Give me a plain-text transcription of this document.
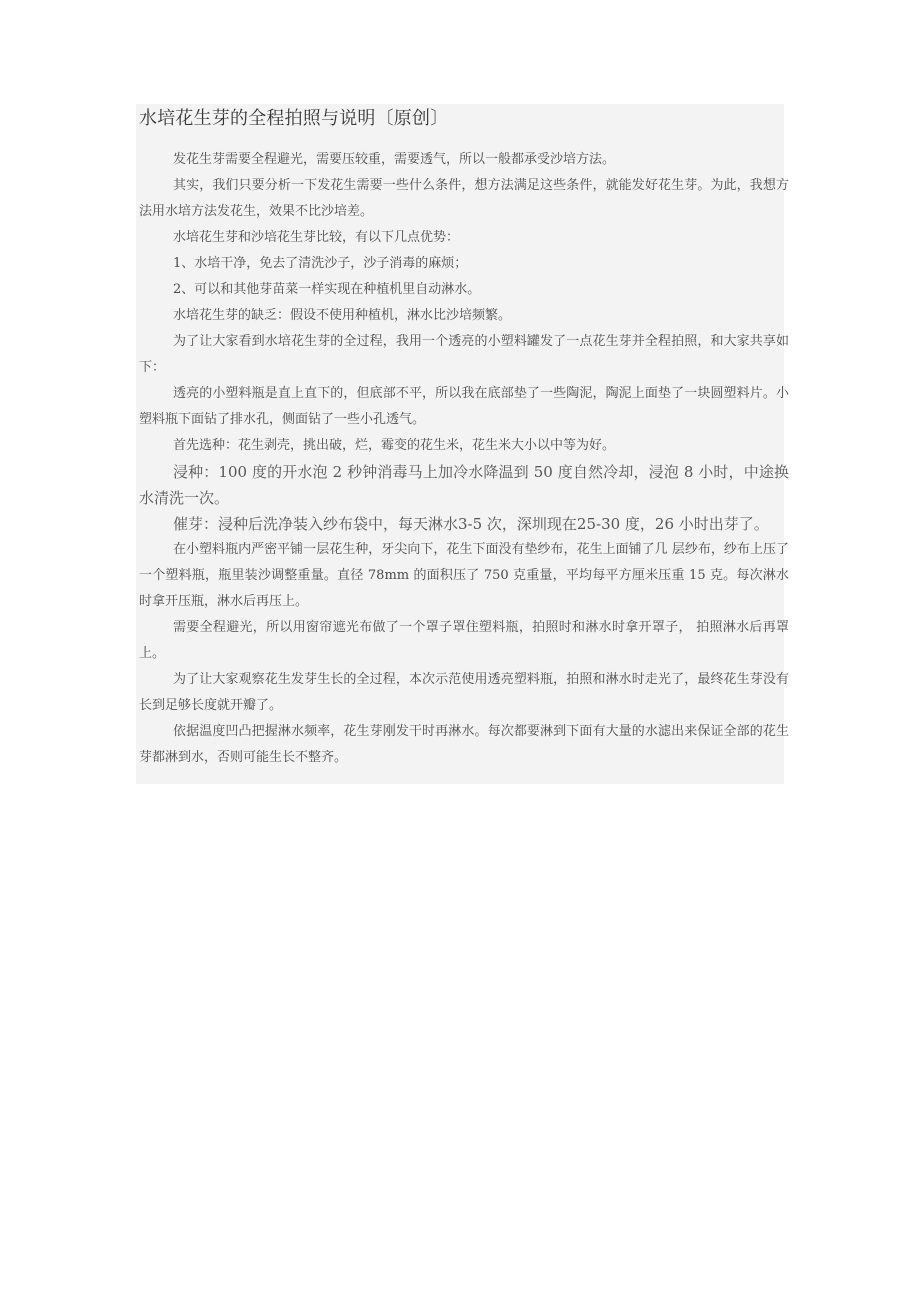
水培花生芽的全程拍照与说明〔原创〕

发花生芽需要全程避光，需要压较重，需要透气，所以一般都承受沙培方法。

其实，我们只要分析一下发花生需要一些什么条件，想方法满足这些条件，就能发好花生芽。为此，我想方法用水培方法发花生，效果不比沙培差。

水培花生芽和沙培花生芽比较，有以下几点优势：

1、水培干净，免去了清洗沙子，沙子消毒的麻烦；

2、可以和其他芽苗菜一样实现在种植机里自动淋水。

水培花生芽的缺乏：假设不使用种植机，淋水比沙培频繁。

为了让大家看到水培花生芽的全过程，我用一个透亮的小塑料罐发了一点花生芽并全程拍照，和大家共享如下：

透亮的小塑料瓶是直上直下的，但底部不平，所以我在底部垫了一些陶泥，陶泥上面垫了一块圆塑料片。小塑料瓶下面钻了排水孔，侧面钻了一些小孔透气。

首先选种：花生剥壳，挑出破，烂，霉变的花生米，花生米大小以中等为好。

浸种：100 度的开水泡 2 秒钟消毒马上加冷水降温到 50 度自然冷却，浸泡 8 小时，中途换水清洗一次。

催芽：浸种后洗净装入纱布袋中，每天淋水3-5 次，深圳现在25-30 度，26 小时出芽了。

在小塑料瓶内严密平铺一层花生种，牙尖向下，花生下面没有垫纱布，花生上面铺了几 层纱布，纱布上压了一个塑料瓶，瓶里装沙调整重量。直径 78mm 的面积压了 750 克重量，平均每平方厘米压重 15 克。每次淋水时拿开压瓶，淋水后再压上。

需要全程避光，所以用窗帘遮光布做了一个罩子罩住塑料瓶，拍照时和淋水时拿开罩子， 拍照淋水后再罩上。

为了让大家观察花生发芽生长的全过程，本次示范使用透亮塑料瓶，拍照和淋水时走光了，最终花生芽没有长到足够长度就开瓣了。

依据温度凹凸把握淋水频率，花生芽刚发干时再淋水。每次都要淋到下面有大量的水滤出来保证全部的花生芽都淋到水，否则可能生长不整齐。
